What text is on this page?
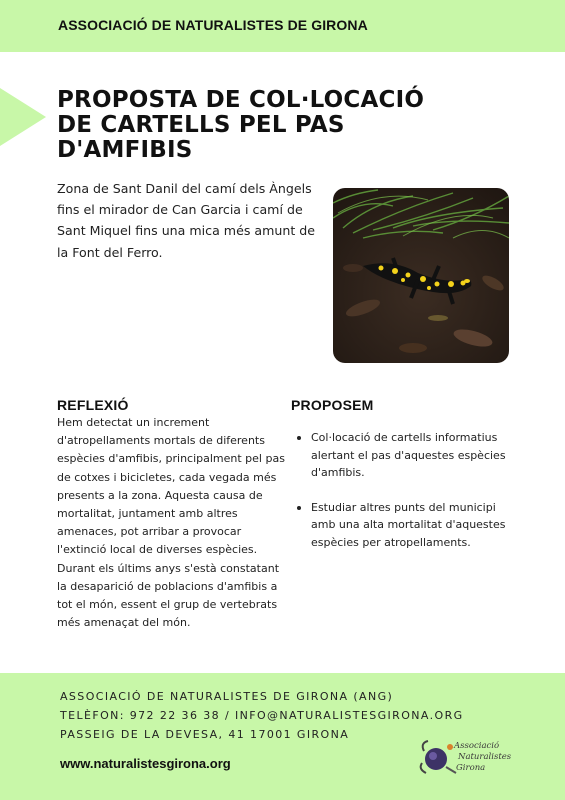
ASSOCIACIÓ DE NATURALISTES DE GIRONA
PROPOSTA DE COL·LOCACIÓ
DE CARTELLS PEL PAS
D'AMFIBIS

Zona de Sant Danil del camí dels Àngels fins el mirador de Can Garcia i camí de Sant Miquel fins una mica més amunt de la Font del Ferro.

REFLEXIÓ

Hem detectat un increment d'atropellaments mortals de diferents espècies d'amfibis, principalment pel pas de cotxes i bicicletes, cada vegada més presents a la zona. Aquesta causa de mortalitat, juntament amb altres amenaces, pot arribar a provocar l'extinció local de diverses espècies. Durant els últims anys s'està constatant la desaparició de poblacions d'amfibis a tot el món, essent el grup de vertebrats més amenaçat del món.

PROPOSEM
Col·locació de cartells informatius alertant el pas d'aquestes espècies d'amfibis.
Estudiar altres punts del municipi amb una alta mortalitat d'aquestes espècies per atropellaments.
ASSOCIACIÓ DE NATURALISTES DE GIRONA (ANG)
TELÈFON: 972 22 36 38 / INFO@NATURALISTESGIRONA.ORG
PASSEIG DE LA DEVESA, 41 17001 GIRONA
www.naturalistesgirona.org
Associació
Naturalistes
Girona
